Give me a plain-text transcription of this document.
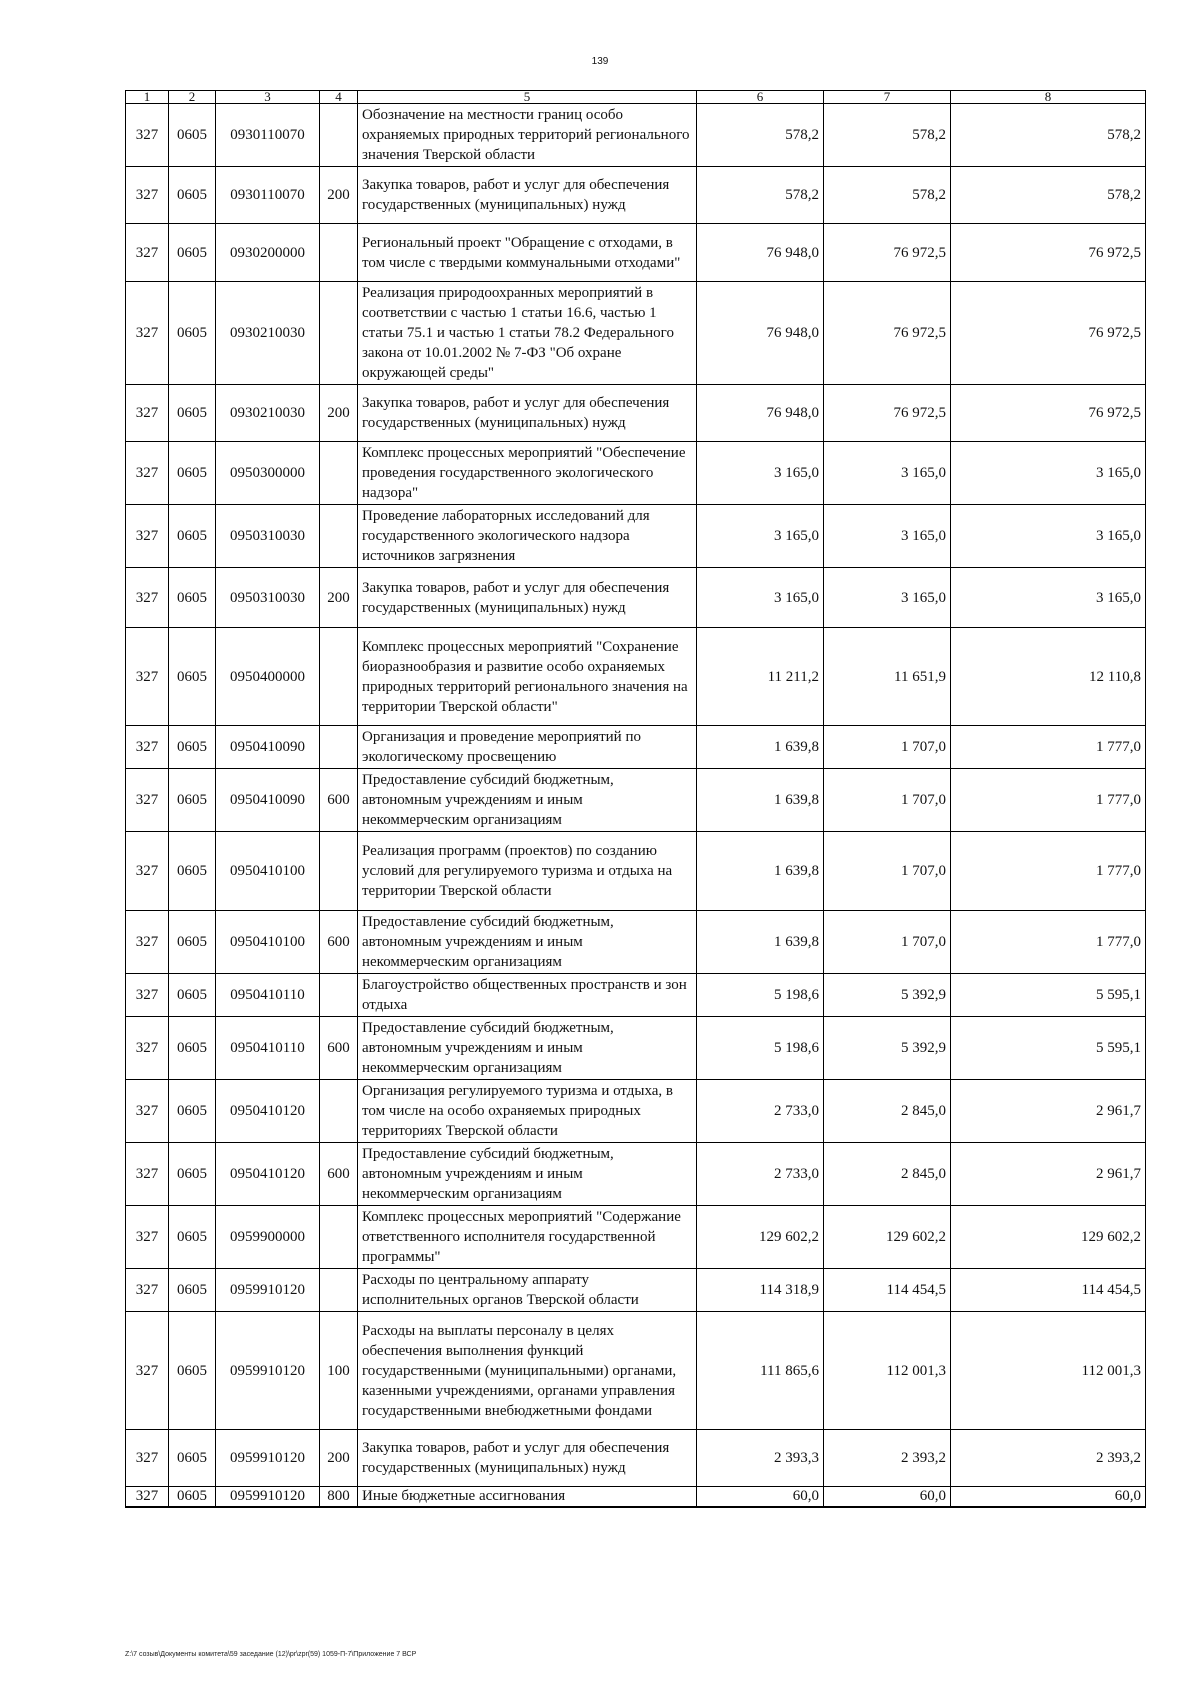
139
1	2	3	4	5	6	7	8
327	0605	0930110070		Обозначение на местности границ особо охраняемых природных территорий регионального значения Тверской области	578,2	578,2	578,2
327	0605	0930110070	200	Закупка товаров, работ и услуг для обеспечения государственных (муниципальных) нужд	578,2	578,2	578,2
327	0605	0930200000		Региональный проект "Обращение с отходами, в том числе с твердыми коммунальными отходами"	76 948,0	76 972,5	76 972,5
327	0605	0930210030		Реализация природоохранных мероприятий в соответствии с частью 1 статьи 16.6, частью 1 статьи 75.1 и частью 1 статьи 78.2 Федерального закона от 10.01.2002 № 7-ФЗ "Об охране окружающей среды"	76 948,0	76 972,5	76 972,5
327	0605	0930210030	200	Закупка товаров, работ и услуг для обеспечения государственных (муниципальных) нужд	76 948,0	76 972,5	76 972,5
327	0605	0950300000		Комплекс процессных мероприятий "Обеспечение проведения государственного экологического надзора"	3 165,0	3 165,0	3 165,0
327	0605	0950310030		Проведение лабораторных исследований для государственного экологического надзора источников загрязнения	3 165,0	3 165,0	3 165,0
327	0605	0950310030	200	Закупка товаров, работ и услуг для обеспечения государственных (муниципальных) нужд	3 165,0	3 165,0	3 165,0
327	0605	0950400000		Комплекс процессных мероприятий "Сохранение биоразнообразия и развитие особо охраняемых природных территорий регионального значения на территории Тверской области"	11 211,2	11 651,9	12 110,8
327	0605	0950410090		Организация и проведение мероприятий по экологическому просвещению	1 639,8	1 707,0	1 777,0
327	0605	0950410090	600	Предоставление субсидий бюджетным, автономным учреждениям и иным некоммерческим организациям	1 639,8	1 707,0	1 777,0
327	0605	0950410100		Реализация программ (проектов) по созданию условий для регулируемого туризма и отдыха на территории Тверской области	1 639,8	1 707,0	1 777,0
327	0605	0950410100	600	Предоставление субсидий бюджетным, автономным учреждениям и иным некоммерческим организациям	1 639,8	1 707,0	1 777,0
327	0605	0950410110		Благоустройство общественных пространств и зон отдыха	5 198,6	5 392,9	5 595,1
327	0605	0950410110	600	Предоставление субсидий бюджетным, автономным учреждениям и иным некоммерческим организациям	5 198,6	5 392,9	5 595,1
327	0605	0950410120		Организация регулируемого туризма и отдыха, в том числе на особо охраняемых природных территориях Тверской области	2 733,0	2 845,0	2 961,7
327	0605	0950410120	600	Предоставление субсидий бюджетным, автономным учреждениям и иным некоммерческим организациям	2 733,0	2 845,0	2 961,7
327	0605	0959900000		Комплекс процессных мероприятий "Содержание ответственного исполнителя государственной программы"	129 602,2	129 602,2	129 602,2
327	0605	0959910120		Расходы по центральному аппарату исполнительных органов Тверской области	114 318,9	114 454,5	114 454,5
327	0605	0959910120	100	Расходы на выплаты персоналу в целях обеспечения выполнения функций государственными (муниципальными) органами, казенными учреждениями, органами управления государственными внебюджетными фондами	111 865,6	112 001,3	112 001,3
327	0605	0959910120	200	Закупка товаров, работ и услуг для обеспечения государственных (муниципальных) нужд	2 393,3	2 393,2	2 393,2
327	0605	0959910120	800	Иные бюджетные ассигнования	60,0	60,0	60,0
Z:\7 созыв\Документы комитета\59 заседание (12)\pr\zpr(59) 1059-П-7\Приложение 7 ВСР
